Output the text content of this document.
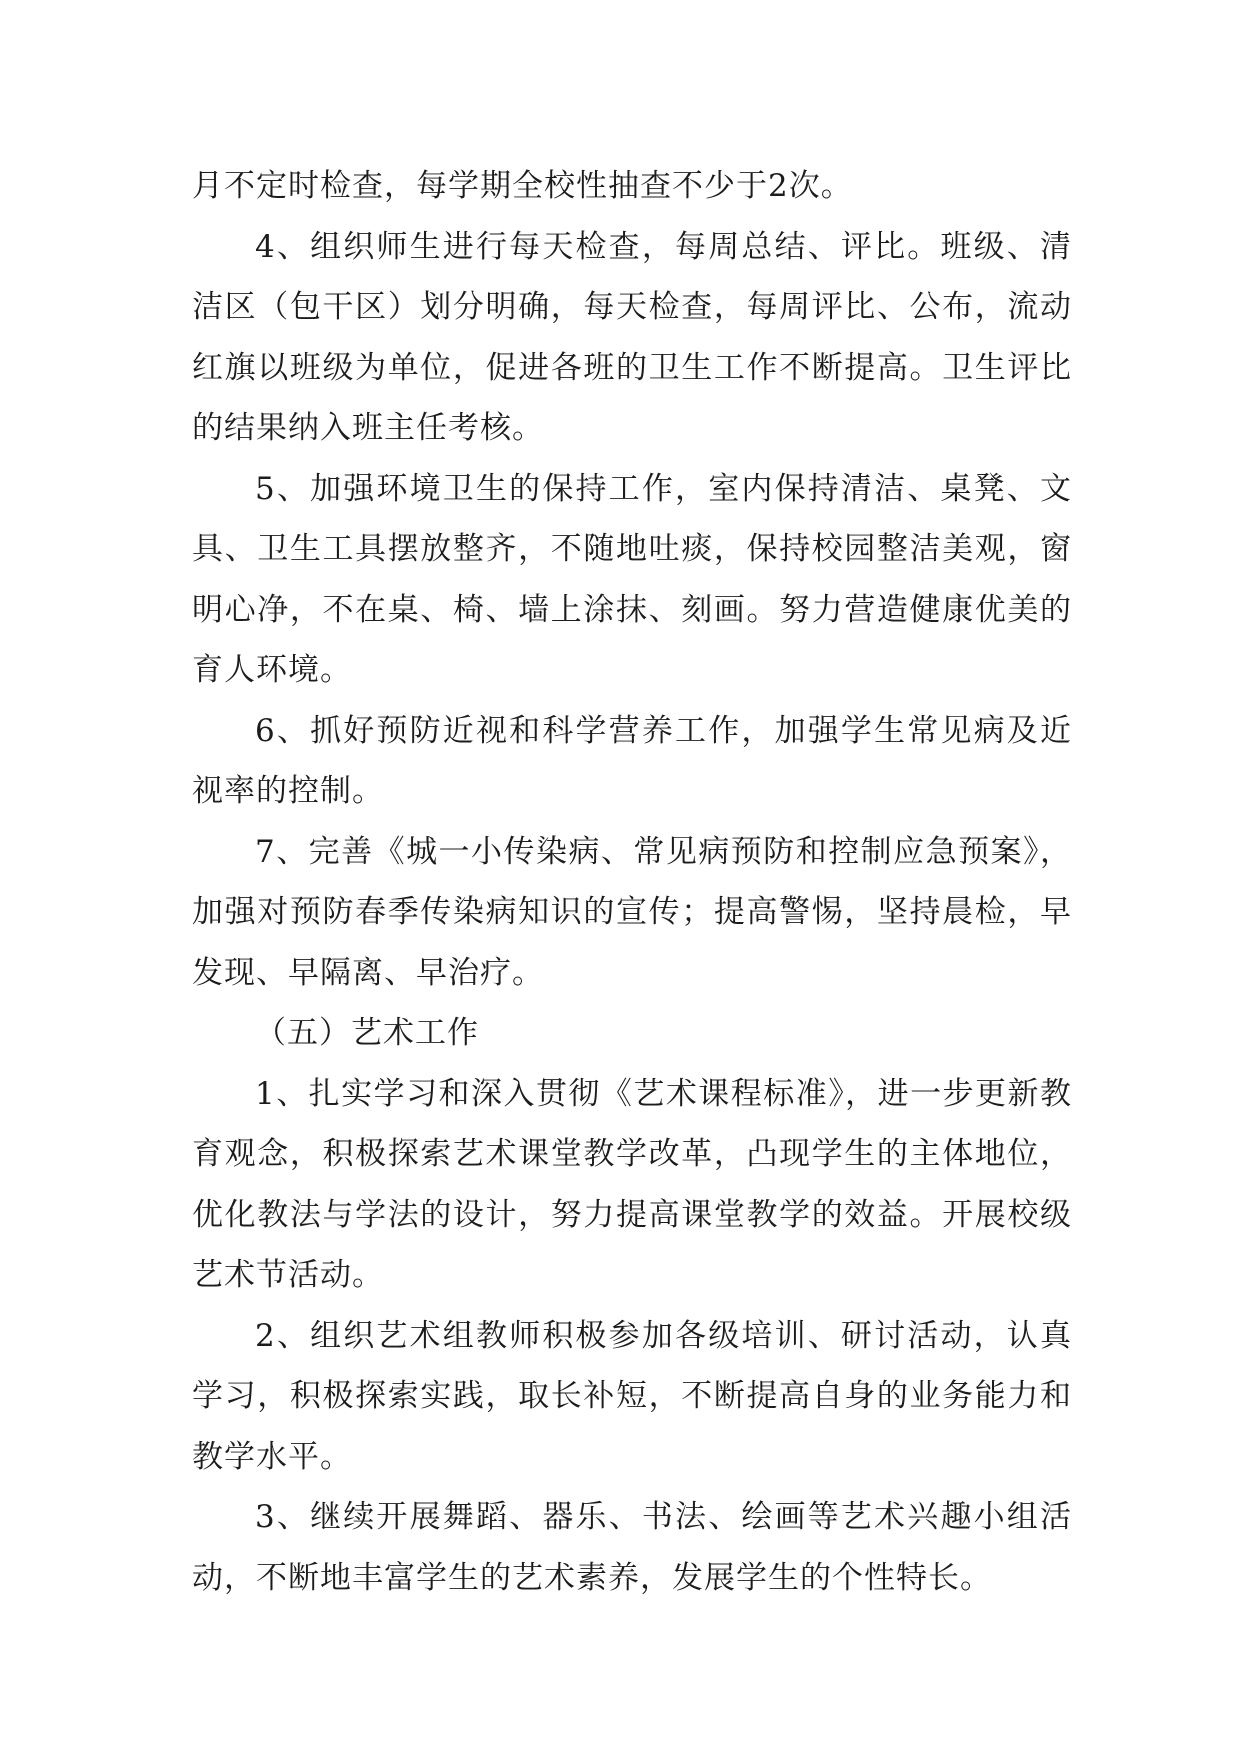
月不定时检查，每学期全校性抽查不少于2次。

4、组织师生进行每天检查，每周总结、评比。班级、清洁区（包干区）划分明确，每天检查，每周评比、公布，流动红旗以班级为单位，促进各班的卫生工作不断提高。卫生评比的结果纳入班主任考核。

5、加强环境卫生的保持工作，室内保持清洁、桌凳、文具、卫生工具摆放整齐，不随地吐痰，保持校园整洁美观，窗明心净，不在桌、椅、墙上涂抹、刻画。努力营造健康优美的育人环境。

6、抓好预防近视和科学营养工作，加强学生常见病及近视率的控制。

7、完善《城一小传染病、常见病预防和控制应急预案》，加强对预防春季传染病知识的宣传；提高警惕，坚持晨检，早发现、早隔离、早治疗。

（五）艺术工作

1、扎实学习和深入贯彻《艺术课程标准》，进一步更新教育观念，积极探索艺术课堂教学改革，凸现学生的主体地位，优化教法与学法的设计，努力提高课堂教学的效益。开展校级艺术节活动。

2、组织艺术组教师积极参加各级培训、研讨活动，认真学习，积极探索实践，取长补短，不断提高自身的业务能力和教学水平。

3、继续开展舞蹈、器乐、书法、绘画等艺术兴趣小组活动，不断地丰富学生的艺术素养，发展学生的个性特长。
